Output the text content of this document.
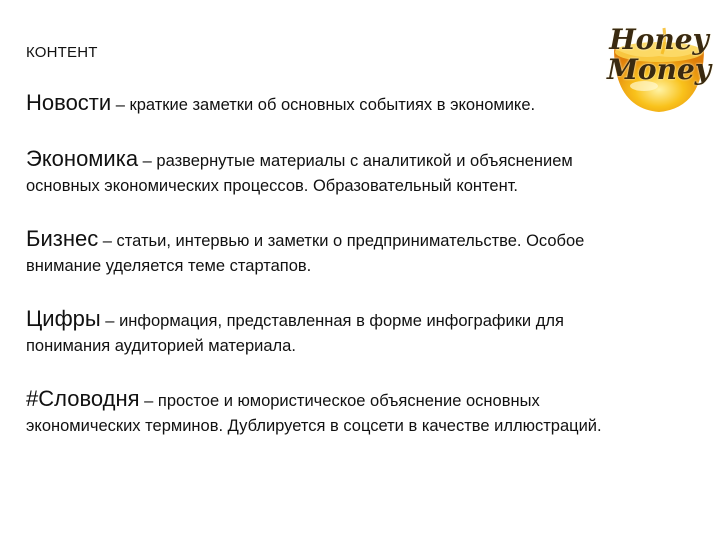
КОНТЕНТ	Honey
Money
Новости – краткие заметки об основных событиях в экономике.
Экономика – развернутые материалы с аналитикой и объяснением
основных экономических процессов. Образовательный контент.
Бизнес – статьи, интервью и заметки о предпринимательстве. Особое
внимание уделяется теме стартапов.
Цифры – информация, представленная в форме инфографики для
понимания аудиторией материала.
#Словодня – простое и юмористическое объяснение основных
экономических терминов. Дублируется в соцсети в качестве иллюстраций.
